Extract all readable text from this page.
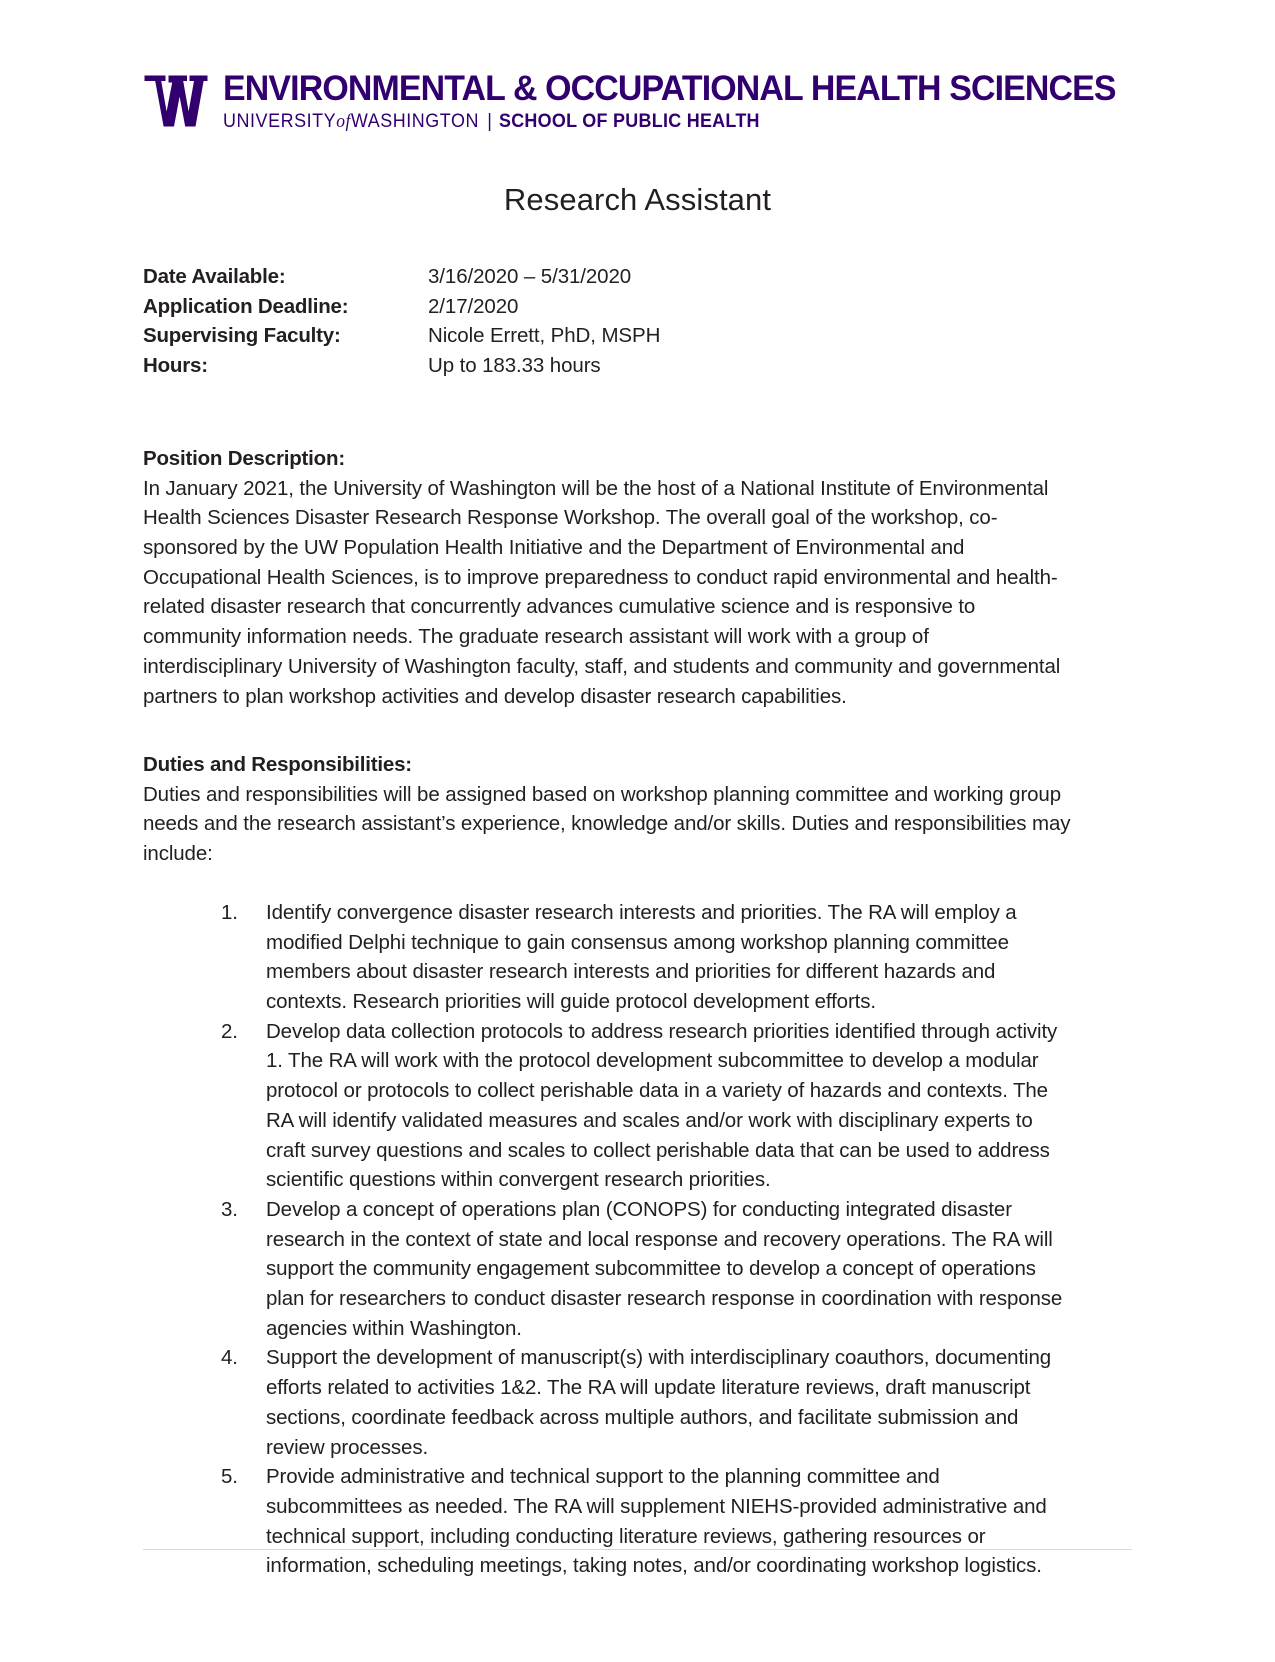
ENVIRONMENTAL & OCCUPATIONAL HEALTH SCIENCES
UNIVERSITYofWASHINGTON | SCHOOL OF PUBLIC HEALTH
Research Assistant
Date Available:	3/16/2020 – 5/31/2020
Application Deadline:	2/17/2020
Supervising Faculty:	Nicole Errett, PhD, MSPH
Hours:	Up to 183.33 hours
Position Description:

In January 2021, the University of Washington will be the host of a National Institute of Environmental Health Sciences Disaster Research Response Workshop. The overall goal of the workshop, co-sponsored by the UW Population Health Initiative and the Department of Environmental and Occupational Health Sciences, is to improve preparedness to conduct rapid environmental and health-related disaster research that concurrently advances cumulative science and is responsive to community information needs. The graduate research assistant will work with a group of interdisciplinary University of Washington faculty, staff, and students and community and governmental partners to plan workshop activities and develop disaster research capabilities.

Duties and Responsibilities:

Duties and responsibilities will be assigned based on workshop planning committee and working group needs and the research assistant’s experience, knowledge and/or skills. Duties and responsibilities may include:

Identify convergence disaster research interests and priorities. The RA will employ a modified Delphi technique to gain consensus among workshop planning committee members about disaster research interests and priorities for different hazards and contexts. Research priorities will guide protocol development efforts.
Develop data collection protocols to address research priorities identified through activity 1. The RA will work with the protocol development subcommittee to develop a modular protocol or protocols to collect perishable data in a variety of hazards and contexts. The RA will identify validated measures and scales and/or work with disciplinary experts to craft survey questions and scales to collect perishable data that can be used to address scientific questions within convergent research priorities.
Develop a concept of operations plan (CONOPS) for conducting integrated disaster research in the context of state and local response and recovery operations. The RA will support the community engagement subcommittee to develop a concept of operations plan for researchers to conduct disaster research response in coordination with response agencies within Washington.
Support the development of manuscript(s) with interdisciplinary coauthors, documenting efforts related to activities 1&2. The RA will update literature reviews, draft manuscript sections, coordinate feedback across multiple authors, and facilitate submission and review processes.
Provide administrative and technical support to the planning committee and subcommittees as needed. The RA will supplement NIEHS-provided administrative and technical support, including conducting literature reviews, gathering resources or information, scheduling meetings, taking notes, and/or coordinating workshop logistics.
